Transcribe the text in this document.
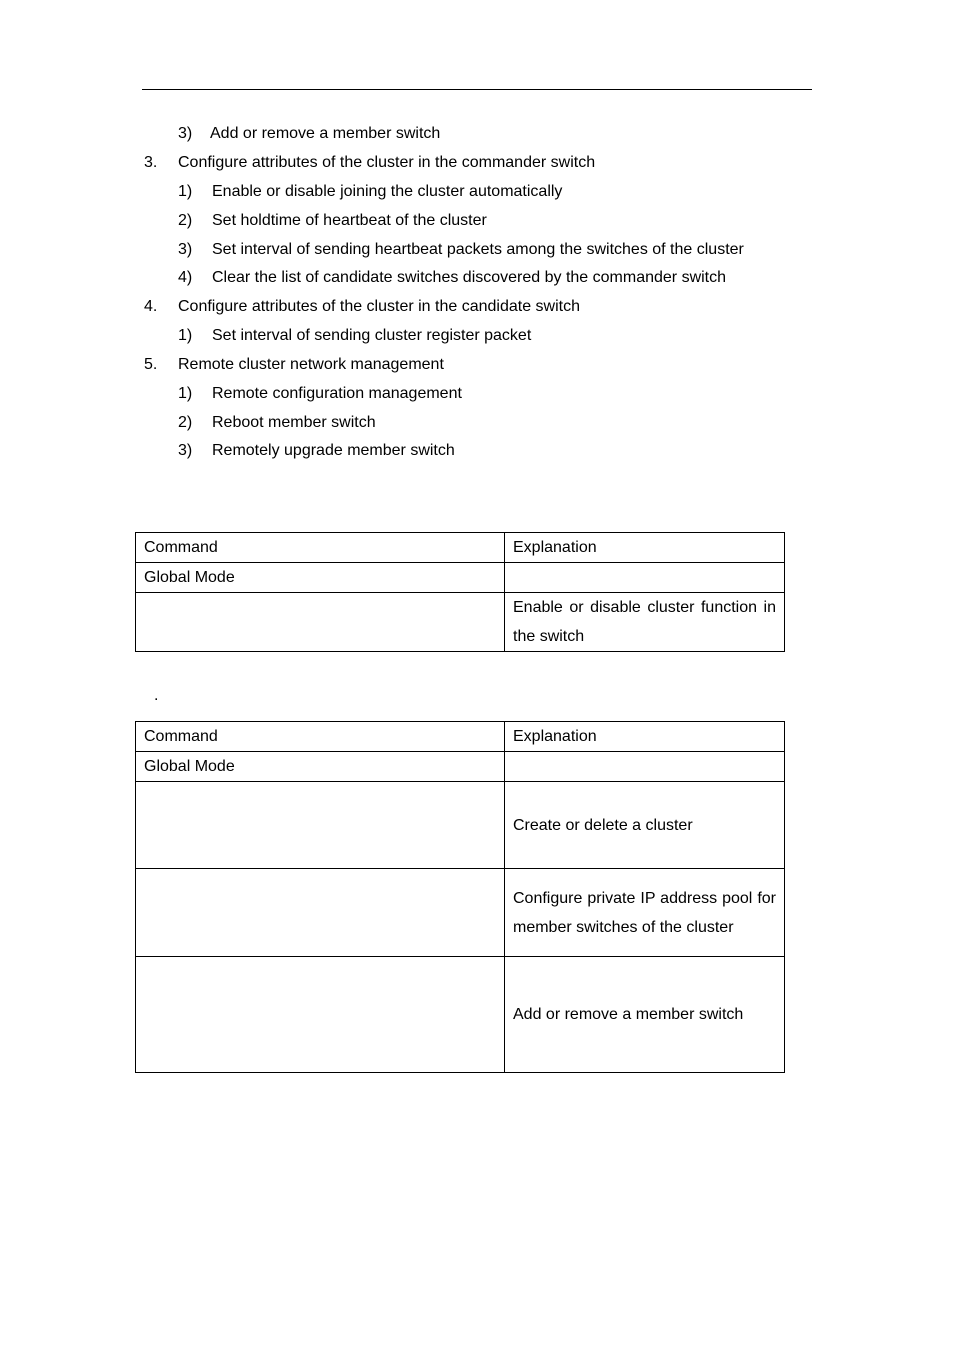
3) Add or remove a member switch
3. Configure attributes of the cluster in the commander switch
1) Enable or disable joining the cluster automatically
2) Set holdtime of heartbeat of the cluster
3) Set interval of sending heartbeat packets among the switches of the cluster
4) Clear the list of candidate switches discovered by the commander switch
4. Configure attributes of the cluster in the candidate switch
1) Set interval of sending cluster register packet
5. Remote cluster network management
1) Remote configuration management
2) Reboot member switch
3) Remotely upgrade member switch
Command	Explanation
Global Mode	
	Enable or disable cluster function in the switch
.
Command	Explanation
Global Mode	
	Create or delete a cluster
	Configure private IP address pool for member switches of the cluster
	Add or remove a member switch
